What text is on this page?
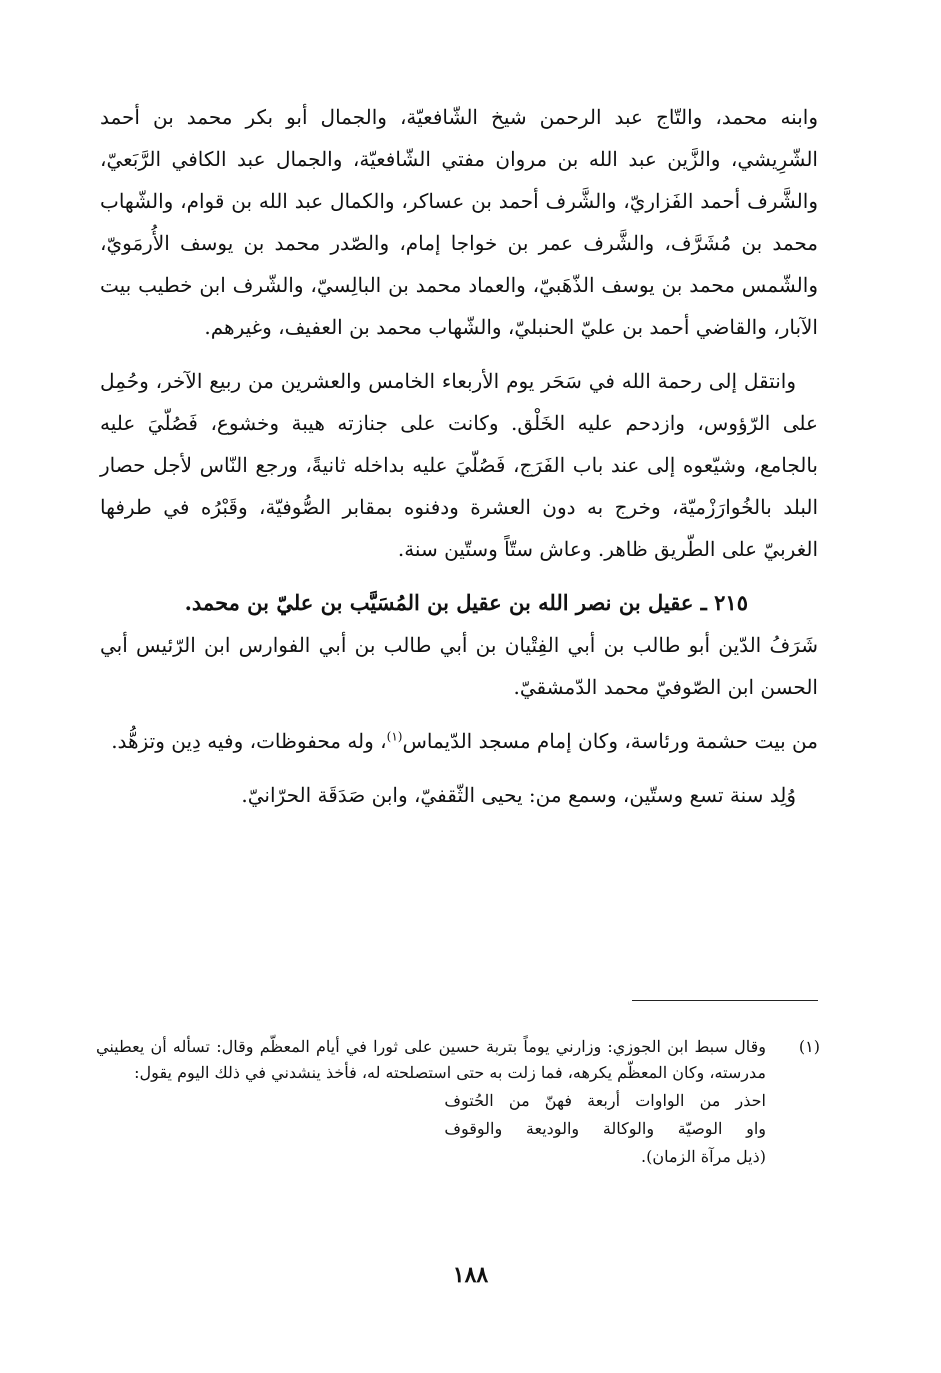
وابنه محمد، والتّاج عبد الرحمن شيخ الشّافعيّة، والجمال أبو بكر محمد بن أحمد الشّرِيشي، والزَّين عبد الله بن مروان مفتي الشّافعيّة، والجمال عبد الكافي الرَّبَعيّ، والشَّرف أحمد الفَزاريّ، والشَّرف أحمد بن عساكر، والكمال عبد الله بن قوام، والشّهاب محمد بن مُشَرَّف، والشَّرف عمر بن خواجا إمام، والصّدر محمد بن يوسف الأُرمَويّ، والشّمس محمد بن يوسف الذّهَبيّ، والعماد محمد بن البالِسيّ، والشّرف ابن خطيب بيت الآبار، والقاضي أحمد بن عليّ الحنبليّ، والشّهاب محمد بن العفيف، وغيرهم.

وانتقل إلى رحمة الله في سَحَر يوم الأربعاء الخامس والعشرين من ربيع الآخر، وحُمِل على الرّؤوس، وازدحم عليه الخَلْق. وكانت على جنازته هيبة وخشوع، فَصُلّيَ عليه بالجامع، وشيّعوه إلى عند باب الفَرَج، فَصُلّيَ عليه بداخله ثانيةً، ورجع النّاس لأجل حصار البلد بالخُوارَزْميّة، وخرج به دون العشرة ودفنوه بمقابر الصُّوفيّة، وقَبْرُه في طرفها الغربيّ على الطّريق ظاهر. وعاش ستّاً وستّين سنة.

٢١٥ ـ عقيل بن نصر الله بن عقيل بن المُسَيَّب بن عليّ بن محمد.

شَرَفُ الدّين أبو طالب بن أبي الفِتْيان بن أبي طالب بن أبي الفوارس ابن الرّئيس أبي الحسن ابن الصّوفيّ محمد الدّمشقيّ.

من بيت حشمة ورئاسة، وكان إمام مسجد الدّيماس$^{(١)}$، وله محفوظات، وفيه دِين وتزهُّد.

وُلِد سنة تسع وستّين، وسمع من: يحيى الثّقفيّ، وابن صَدَقَة الحرّانيّ.

(١)
وقال سبط ابن الجوزي: وزارني يوماً بتربة حسين على ثورا في أيام المعظّم وقال: تسأله أن يعطيني مدرسته، وكان المعظّم يكرهه، فما زلت به حتى استصلحته له، فأخذ ينشدني في ذلك اليوم يقول:
احذر من الواوات أربعة فهنّ من الحُتوف
واو الوصيّة والوكالة والوديعة والوقوف
(ذيل مرآة الزمان).
١٨٨
